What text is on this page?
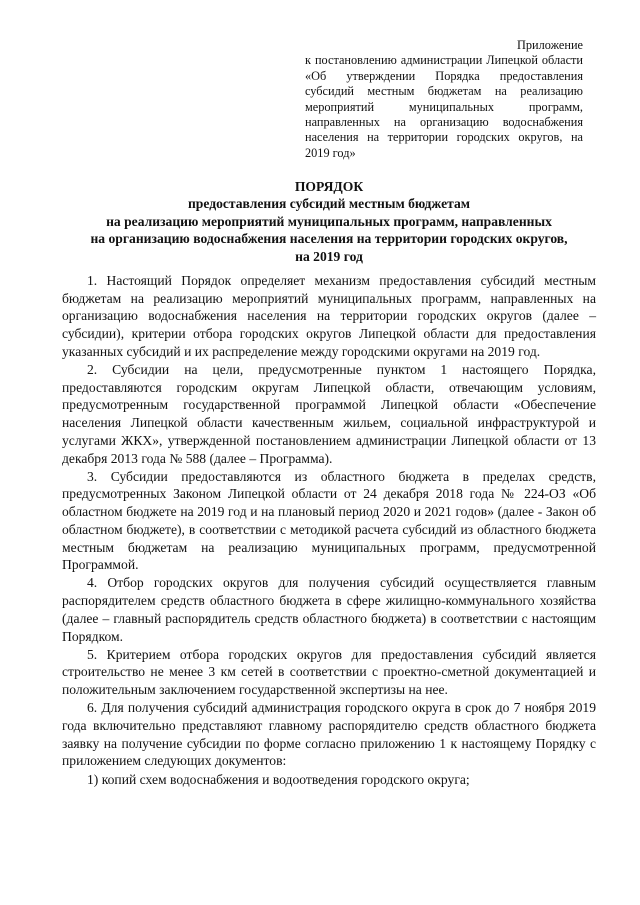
Приложение
к постановлению администрации Липецкой области «Об утверждении Порядка предоставления субсидий местным бюджетам на реализацию мероприятий муниципальных программ, направленных на организацию водоснабжения населения на территории городских округов, на 2019 год»
ПОРЯДОК
предоставления субсидий местным бюджетам
на реализацию мероприятий муниципальных программ, направленных
на организацию водоснабжения населения на территории городских округов,
на 2019 год

1. Настоящий Порядок определяет механизм предоставления субсидий местным бюджетам на реализацию мероприятий муниципальных программ, направленных на организацию водоснабжения населения на территории городских округов (далее – субсидии), критерии отбора городских округов Липецкой области для предоставления указанных субсидий и их распределение между городскими округами на 2019 год.

2. Субсидии на цели, предусмотренные пунктом 1 настоящего Порядка, предоставляются городским округам Липецкой области, отвечающим условиям, предусмотренным государственной программой Липецкой области «Обеспечение населения Липецкой области качественным жильем, социальной инфраструктурой и услугами ЖКХ», утвержденной постановлением администрации Липецкой области от 13 декабря 2013 года № 588 (далее – Программа).

3. Субсидии предоставляются из областного бюджета в пределах средств, предусмотренных Законом Липецкой области от 24 декабря 2018 года № 224-ОЗ «Об областном бюджете на 2019 год и на плановый период 2020 и 2021 годов» (далее - Закон об областном бюджете), в соответствии с методикой расчета субсидий из областного бюджета местным бюджетам на реализацию муниципальных программ, предусмотренной Программой.

4. Отбор городских округов для получения субсидий осуществляется главным распорядителем средств областного бюджета в сфере жилищно-коммунального хозяйства (далее – главный распорядитель средств областного бюджета) в соответствии с настоящим Порядком.

5. Критерием отбора городских округов для предоставления субсидий является строительство не менее 3 км сетей в соответствии с проектно-сметной документацией и положительным заключением государственной экспертизы на нее.

6. Для получения субсидий администрация городского округа в срок до 7 ноября 2019 года включительно представляют главному распорядителю средств областного бюджета заявку на получение субсидии по форме согласно приложению 1 к настоящему Порядку с приложением следующих документов:

1) копий схем водоснабжения и водоотведения городского округа;
